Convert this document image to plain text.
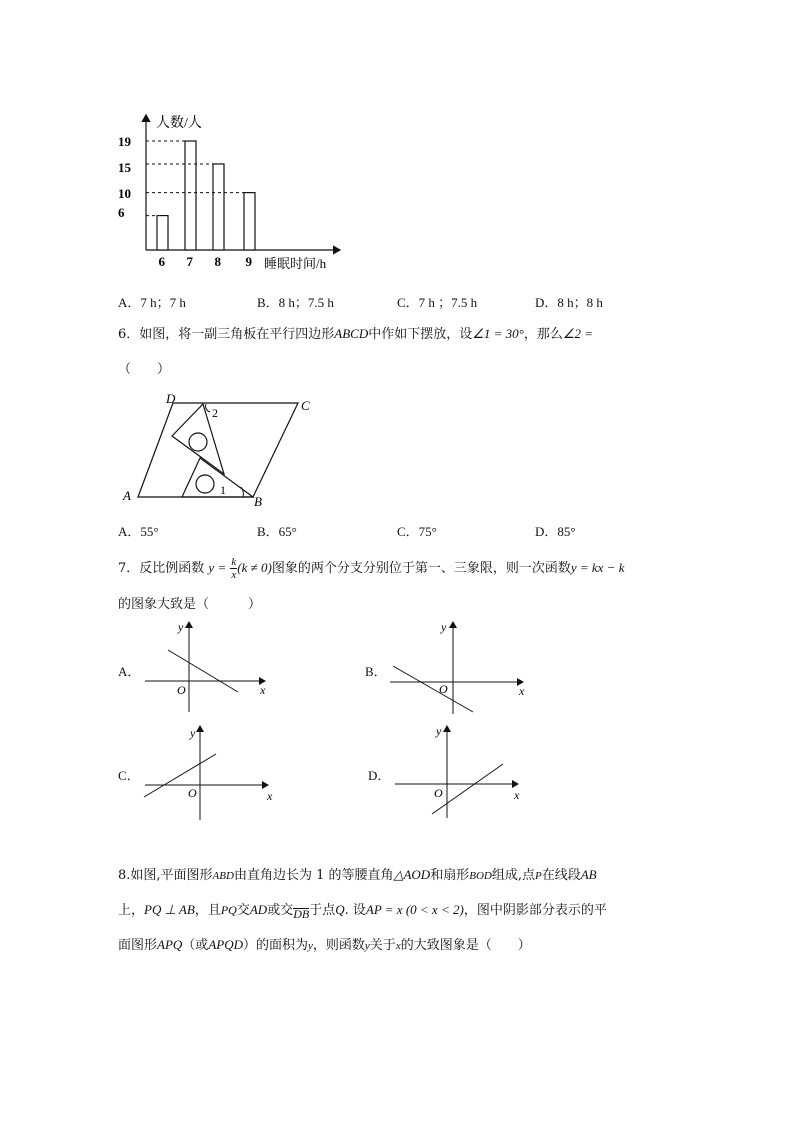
人数/人
睡眠时间/h
6 7 8 9
19
15
10
6
A．7 h；7 h	B．8 h；7.5 h	C．7 h ；7.5 h	D．8 h；8 h
6．如图，将一副三角板在平行四边形ABCD中作如下摆放，设∠1 = 30°，那么∠2 =
（　　）
D	C
A	B
1
2
A．55°	B．65°	C．75°	D．85°
7．反比例函数 $y = \frac{k}{x} (k \ne 0)$图象的两个分支分别位于第一、三象限，则一次函数y = kx − k
的图象大致是（　　　）
A．	B．
C．	D．
x
y
O	x
y
O
x
y
O	x
y
O
8.如图,平面图形ABD由直角边长为 1 的等腰直角△AOD和扇形BOD组成,点P在线段AB
上，PQ ⊥ AB，且PQ交AD或交DB于点Q. 设AP = x (0 < x < 2)，图中阴影部分表示的平
面图形APQ（或APQD）的面积为y，则函数y关于x的大致图象是（　　）
